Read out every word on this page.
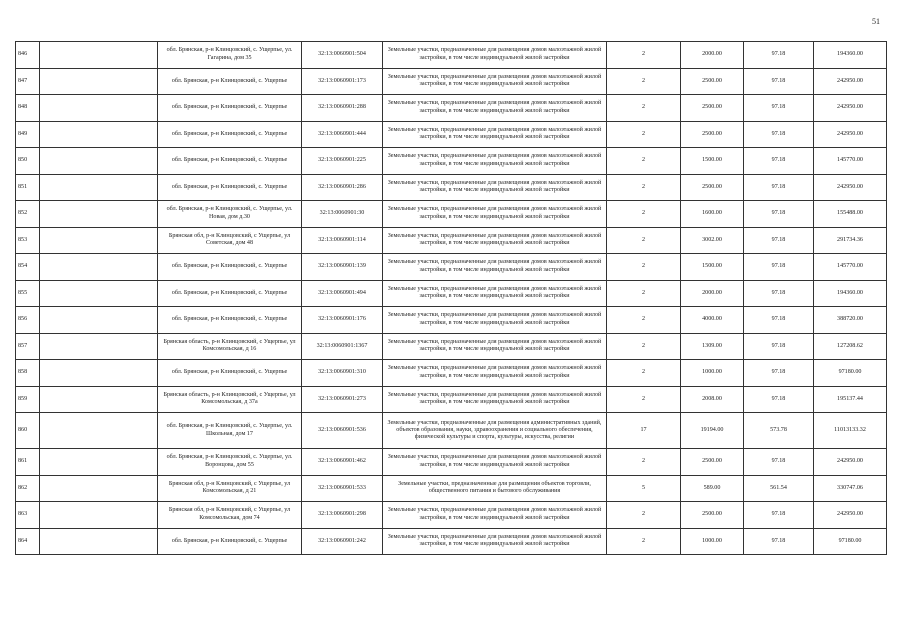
51
846		обл. Брянская, р-н Клинцовский, с. Ущерпье, ул. Гагарина, дом 35	32:13:0060901:504	Земельные участки, предназначенные для размещения домов малоэтажной жилой застройки, в том числе индивидуальной жилой застройки	2	2000.00	97.18	194360.00
847		обл. Брянская, р-н Клинцовский, с. Ущерпье	32:13:0060901:173	Земельные участки, предназначенные для размещения домов малоэтажной жилой застройки, в том числе индивидуальной жилой застройки	2	2500.00	97.18	242950.00
848		обл. Брянская, р-н Клинцовский, с. Ущерпье	32:13:0060901:288	Земельные участки, предназначенные для размещения домов малоэтажной жилой застройки, в том числе индивидуальной жилой застройки	2	2500.00	97.18	242950.00
849		обл. Брянская, р-н Клинцовский, с. Ущерпье	32:13:0060901:444	Земельные участки, предназначенные для размещения домов малоэтажной жилой застройки, в том числе индивидуальной жилой застройки	2	2500.00	97.18	242950.00
850		обл. Брянская, р-н Клинцовский, с. Ущерпье	32:13:0060901:225	Земельные участки, предназначенные для размещения домов малоэтажной жилой застройки, в том числе индивидуальной жилой застройки	2	1500.00	97.18	145770.00
851		обл. Брянская, р-н Клинцовский, с. Ущерпье	32:13:0060901:286	Земельные участки, предназначенные для размещения домов малоэтажной жилой застройки, в том числе индивидуальной жилой застройки	2	2500.00	97.18	242950.00
852		обл. Брянская, р-н Клинцовский, с. Ущерпье, ул. Новая, дом д.30	32:13:0060901:30	Земельные участки, предназначенные для размещения домов малоэтажной жилой застройки, в том числе индивидуальной жилой застройки	2	1600.00	97.18	155488.00
853		Брянская обл, р-н Клинцовский, с Ущерпье, ул Советская, дом 48	32:13:0060901:114	Земельные участки, предназначенные для размещения домов малоэтажной жилой застройки, в том числе индивидуальной жилой застройки	2	3002.00	97.18	291734.36
854		обл. Брянская, р-н Клинцовский, с. Ущерпье	32:13:0060901:139	Земельные участки, предназначенные для размещения домов малоэтажной жилой застройки, в том числе индивидуальной жилой застройки	2	1500.00	97.18	145770.00
855		обл. Брянская, р-н Клинцовский, с. Ущерпье	32:13:0060901:494	Земельные участки, предназначенные для размещения домов малоэтажной жилой застройки, в том числе индивидуальной жилой застройки	2	2000.00	97.18	194360.00
856		обл. Брянская, р-н Клинцовский, с. Ущерпье	32:13:0060901:176	Земельные участки, предназначенные для размещения домов малоэтажной жилой застройки, в том числе индивидуальной жилой застройки	2	4000.00	97.18	388720.00
857		Брянская область, р-н Клинцовский, с Ущерпье, ул Комсомольская, д 16	32:13:0060901:1367	Земельные участки, предназначенные для размещения домов малоэтажной жилой застройки, в том числе индивидуальной жилой застройки	2	1309.00	97.18	127208.62
858		обл. Брянская, р-н Клинцовский, с. Ущерпье	32:13:0060901:310	Земельные участки, предназначенные для размещения домов малоэтажной жилой застройки, в том числе индивидуальной жилой застройки	2	1000.00	97.18	97180.00
859		Брянская область, р-н Клинцовский, с Ущерпье, ул Комсомольская, д 37а	32:13:0060901:273	Земельные участки, предназначенные для размещения домов малоэтажной жилой застройки, в том числе индивидуальной жилой застройки	2	2008.00	97.18	195137.44
860		обл. Брянская, р-н Клинцовский, с. Ущерпье, ул. Школьная, дом 17	32:13:0060901:536	Земельные участки, предназначенные для размещения административных зданий, объектов образования, науки, здравоохранения и социального обеспечения, физической культуры и спорта, культуры, искусства, религии	17	19194.00	573.78	11013133.32
861		обл. Брянская, р-н Клинцовский, с. Ущерпье, ул. Воронцова, дом 55	32:13:0060901:462	Земельные участки, предназначенные для размещения домов малоэтажной жилой застройки, в том числе индивидуальной жилой застройки	2	2500.00	97.18	242950.00
862		Брянская обл, р-н Клинцовский, с Ущерпье, ул Комсомольская, д 21	32:13:0060901:533	Земельные участки, предназначенные для размещения объектов торговли, общественного питания и бытового обслуживания	5	589.00	561.54	330747.06
863		Брянская обл, р-н Клинцовский, с Ущерпье, ул Комсомольская, дом 74	32:13:0060901:298	Земельные участки, предназначенные для размещения домов малоэтажной жилой застройки, в том числе индивидуальной жилой застройки	2	2500.00	97.18	242950.00
864		обл. Брянская, р-н Клинцовский, с. Ущерпье	32:13:0060901:242	Земельные участки, предназначенные для размещения домов малоэтажной жилой застройки, в том числе индивидуальной жилой застройки	2	1000.00	97.18	97180.00
